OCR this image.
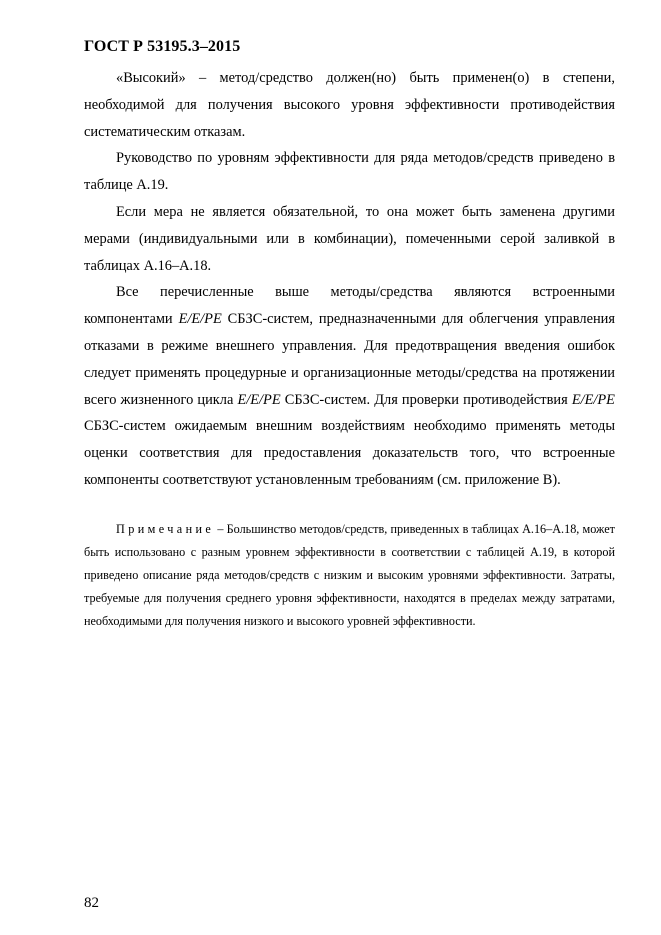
ГОСТ Р 53195.3–2015

«Высокий» – метод/средство должен(но) быть применен(о) в степени, необходимой для получения высокого уровня эффективности противодействия систематическим отказам.

Руководство по уровням эффективности для ряда методов/средств приведено в таблице А.19.

Если мера не является обязательной, то она может быть заменена другими мерами (индивидуальными или в комбинации), помеченными серой заливкой в таблицах А.16–А.18.

Все перечисленные выше методы/средства являются встроенными компонентами E/E/PE СБЗС-систем, предназначенными для облегчения управления отказами в режиме внешнего управления. Для предотвращения введения ошибок следует применять процедурные и организационные методы/средства на протяжении всего жизненного цикла E/E/PE СБЗС-систем. Для проверки противодействия E/E/PE СБЗС-систем ожидаемым внешним воздействиям необходимо применять методы оценки соответствия для предоставления доказательств того, что встроенные компоненты соответствуют установленным требованиям (см. приложение В).

Примечание – Большинство методов/средств, приведенных в таблицах А.16–А.18, может быть использовано с разным уровнем эффективности в соответствии с таблицей А.19, в которой приведено описание ряда методов/средств с низким и высоким уровнями эффективности. Затраты, требуемые для получения среднего уровня эффективности, находятся в пределах между затратами, необходимыми для получения низкого и высокого уровней эффективности.

82
